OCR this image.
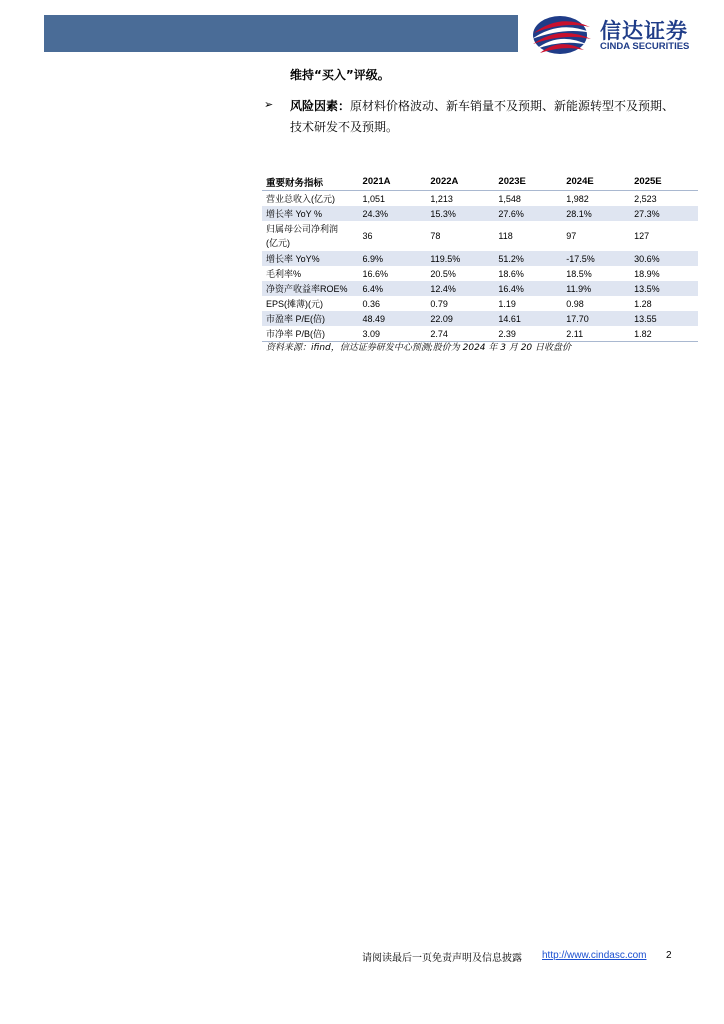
信达证券
CINDA SECURITIES
维持“买入”评级。
➢ 风险因素：原材料价格波动、新车销量不及预期、新能源转型不及预期、
技术研发不及预期。
重要财务指标	2021A	2022A	2023E	2024E	2025E
营业总收入(亿元)	1,051	1,213	1,548	1,982	2,523
增长率 YoY %	24.3%	15.3%	27.6%	28.1%	27.3%
归属母公司净利润
(亿元)	36	78	118	97	127
增长率 YoY%	6.9%	119.5%	51.2%	-17.5%	30.6%
毛利率%	16.6%	20.5%	18.6%	18.5%	18.9%
净资产收益率ROE%	6.4%	12.4%	16.4%	11.9%	13.5%
EPS(摊薄)(元)	0.36	0.79	1.19	0.98	1.28
市盈率 P/E(倍)	48.49	22.09	14.61	17.70	13.55
市净率 P/B(倍)	3.09	2.74	2.39	2.11	1.82
资料来源：ifind，信达证券研发中心预测;股价为 2024 年 3 月 20 日收盘价
请阅读最后一页免责声明及信息披露 http://www.cindasc.com 2
